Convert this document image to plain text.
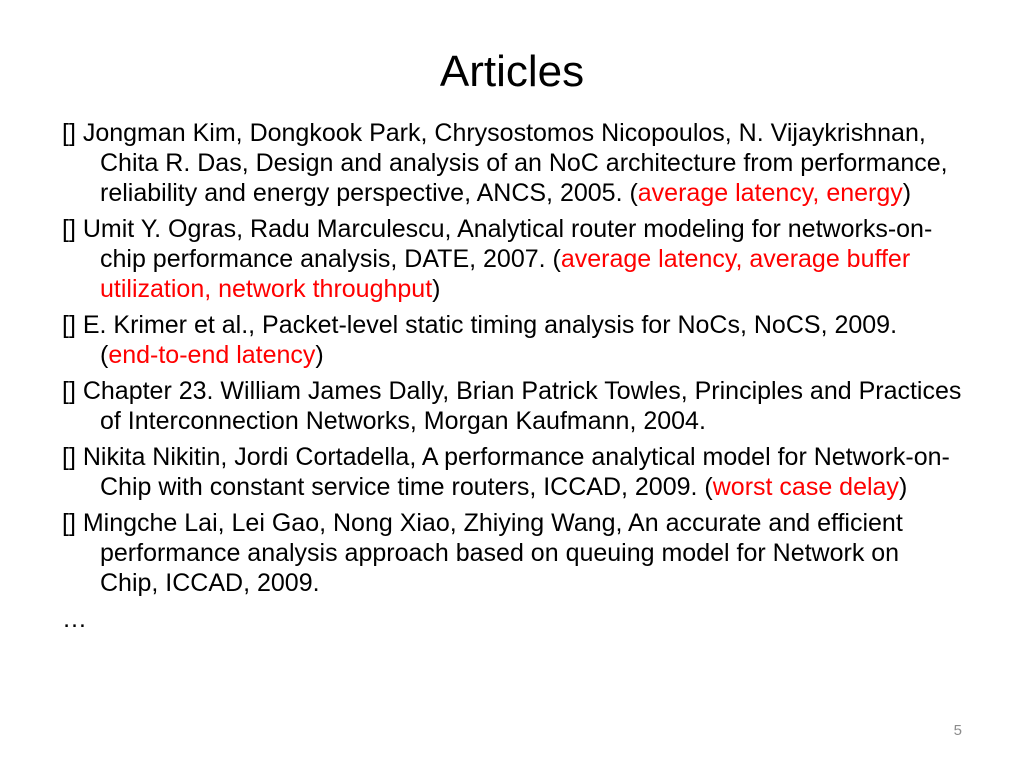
Articles
[] Jongman Kim, Dongkook Park, Chrysostomos Nicopoulos, N. Vijaykrishnan, Chita R. Das, Design and analysis of an NoC architecture from performance, reliability and energy perspective, ANCS, 2005. (average latency, energy)
[] Umit Y. Ogras, Radu Marculescu, Analytical router modeling for networks-on-chip performance analysis, DATE, 2007. (average latency, average buffer utilization, network throughput)
[] E. Krimer et al., Packet-level static timing analysis for NoCs, NoCS, 2009. (end-to-end latency)
[] Chapter 23. William James Dally, Brian Patrick Towles, Principles and Practices of Interconnection Networks, Morgan Kaufmann, 2004.
[] Nikita Nikitin, Jordi Cortadella, A performance analytical model for Network-on-Chip with constant service time routers, ICCAD, 2009. (worst case delay)
[] Mingche Lai, Lei Gao, Nong Xiao, Zhiying Wang, An accurate and efficient performance analysis approach based on queuing model for Network on Chip, ICCAD, 2009.
…
5
